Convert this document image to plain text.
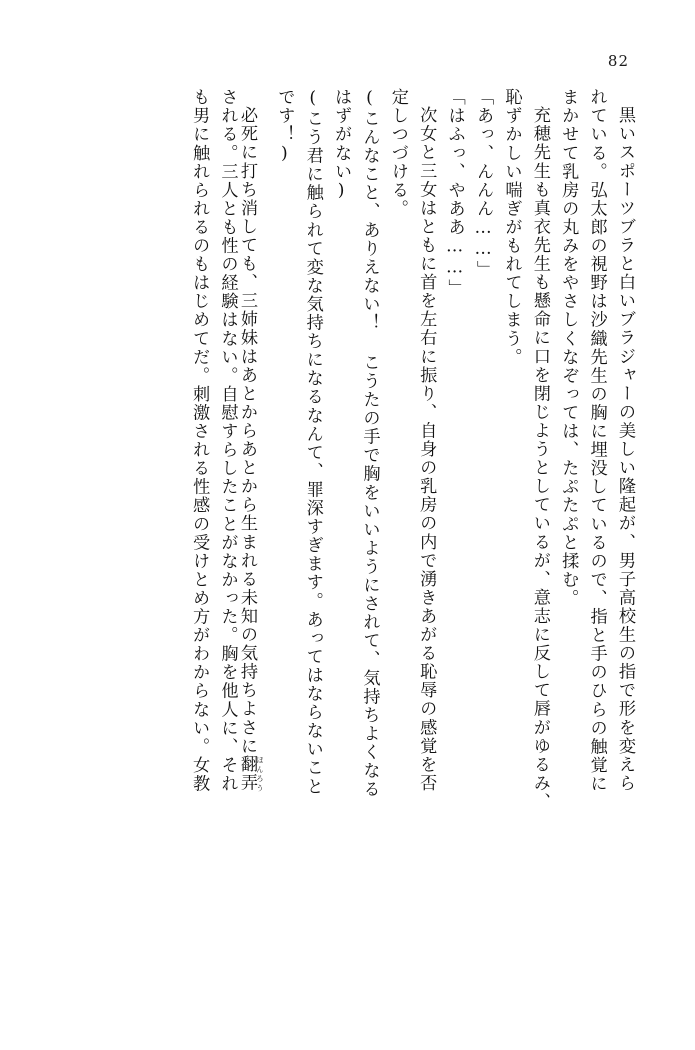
82
黒いスポーツブラと白いブラジャーの美しい隆起が、男子高校生の指で形を変えら
れている。弘太郎の視野は沙織先生の胸に埋没しているので、指と手のひらの触覚に
まかせて乳房の丸みをやさしくなぞっては、たぷたぷと揉む。
充穂先生も真衣先生も懸命に口を閉じようとしているが、意志に反して唇がゆるみ、
恥ずかしい喘ぎがもれてしまう。
「あっ、んんん……」
「はふっ、やああ……」
次女と三女はともに首を左右に振り、自身の乳房の内で湧きあがる恥辱の感覚を否
定しつづける。
(こんなこと、ありえない！ こうたの手で胸をいいようにされて、気持ちよくなる
はずがない)
(こう君に触られて変な気持ちになるなんて、罪深すぎます。あってはならないこと
です！)
必死に打ち消しても、三姉妹はあとからあとから生まれる未知の気持ちよさに翻弄ほんろう
される。三人とも性の経験はない。自慰すらしたことがなかった。胸を他人に、それ
も男に触れられるのもはじめてだ。刺激される性感の受けとめ方がわからない。女教
